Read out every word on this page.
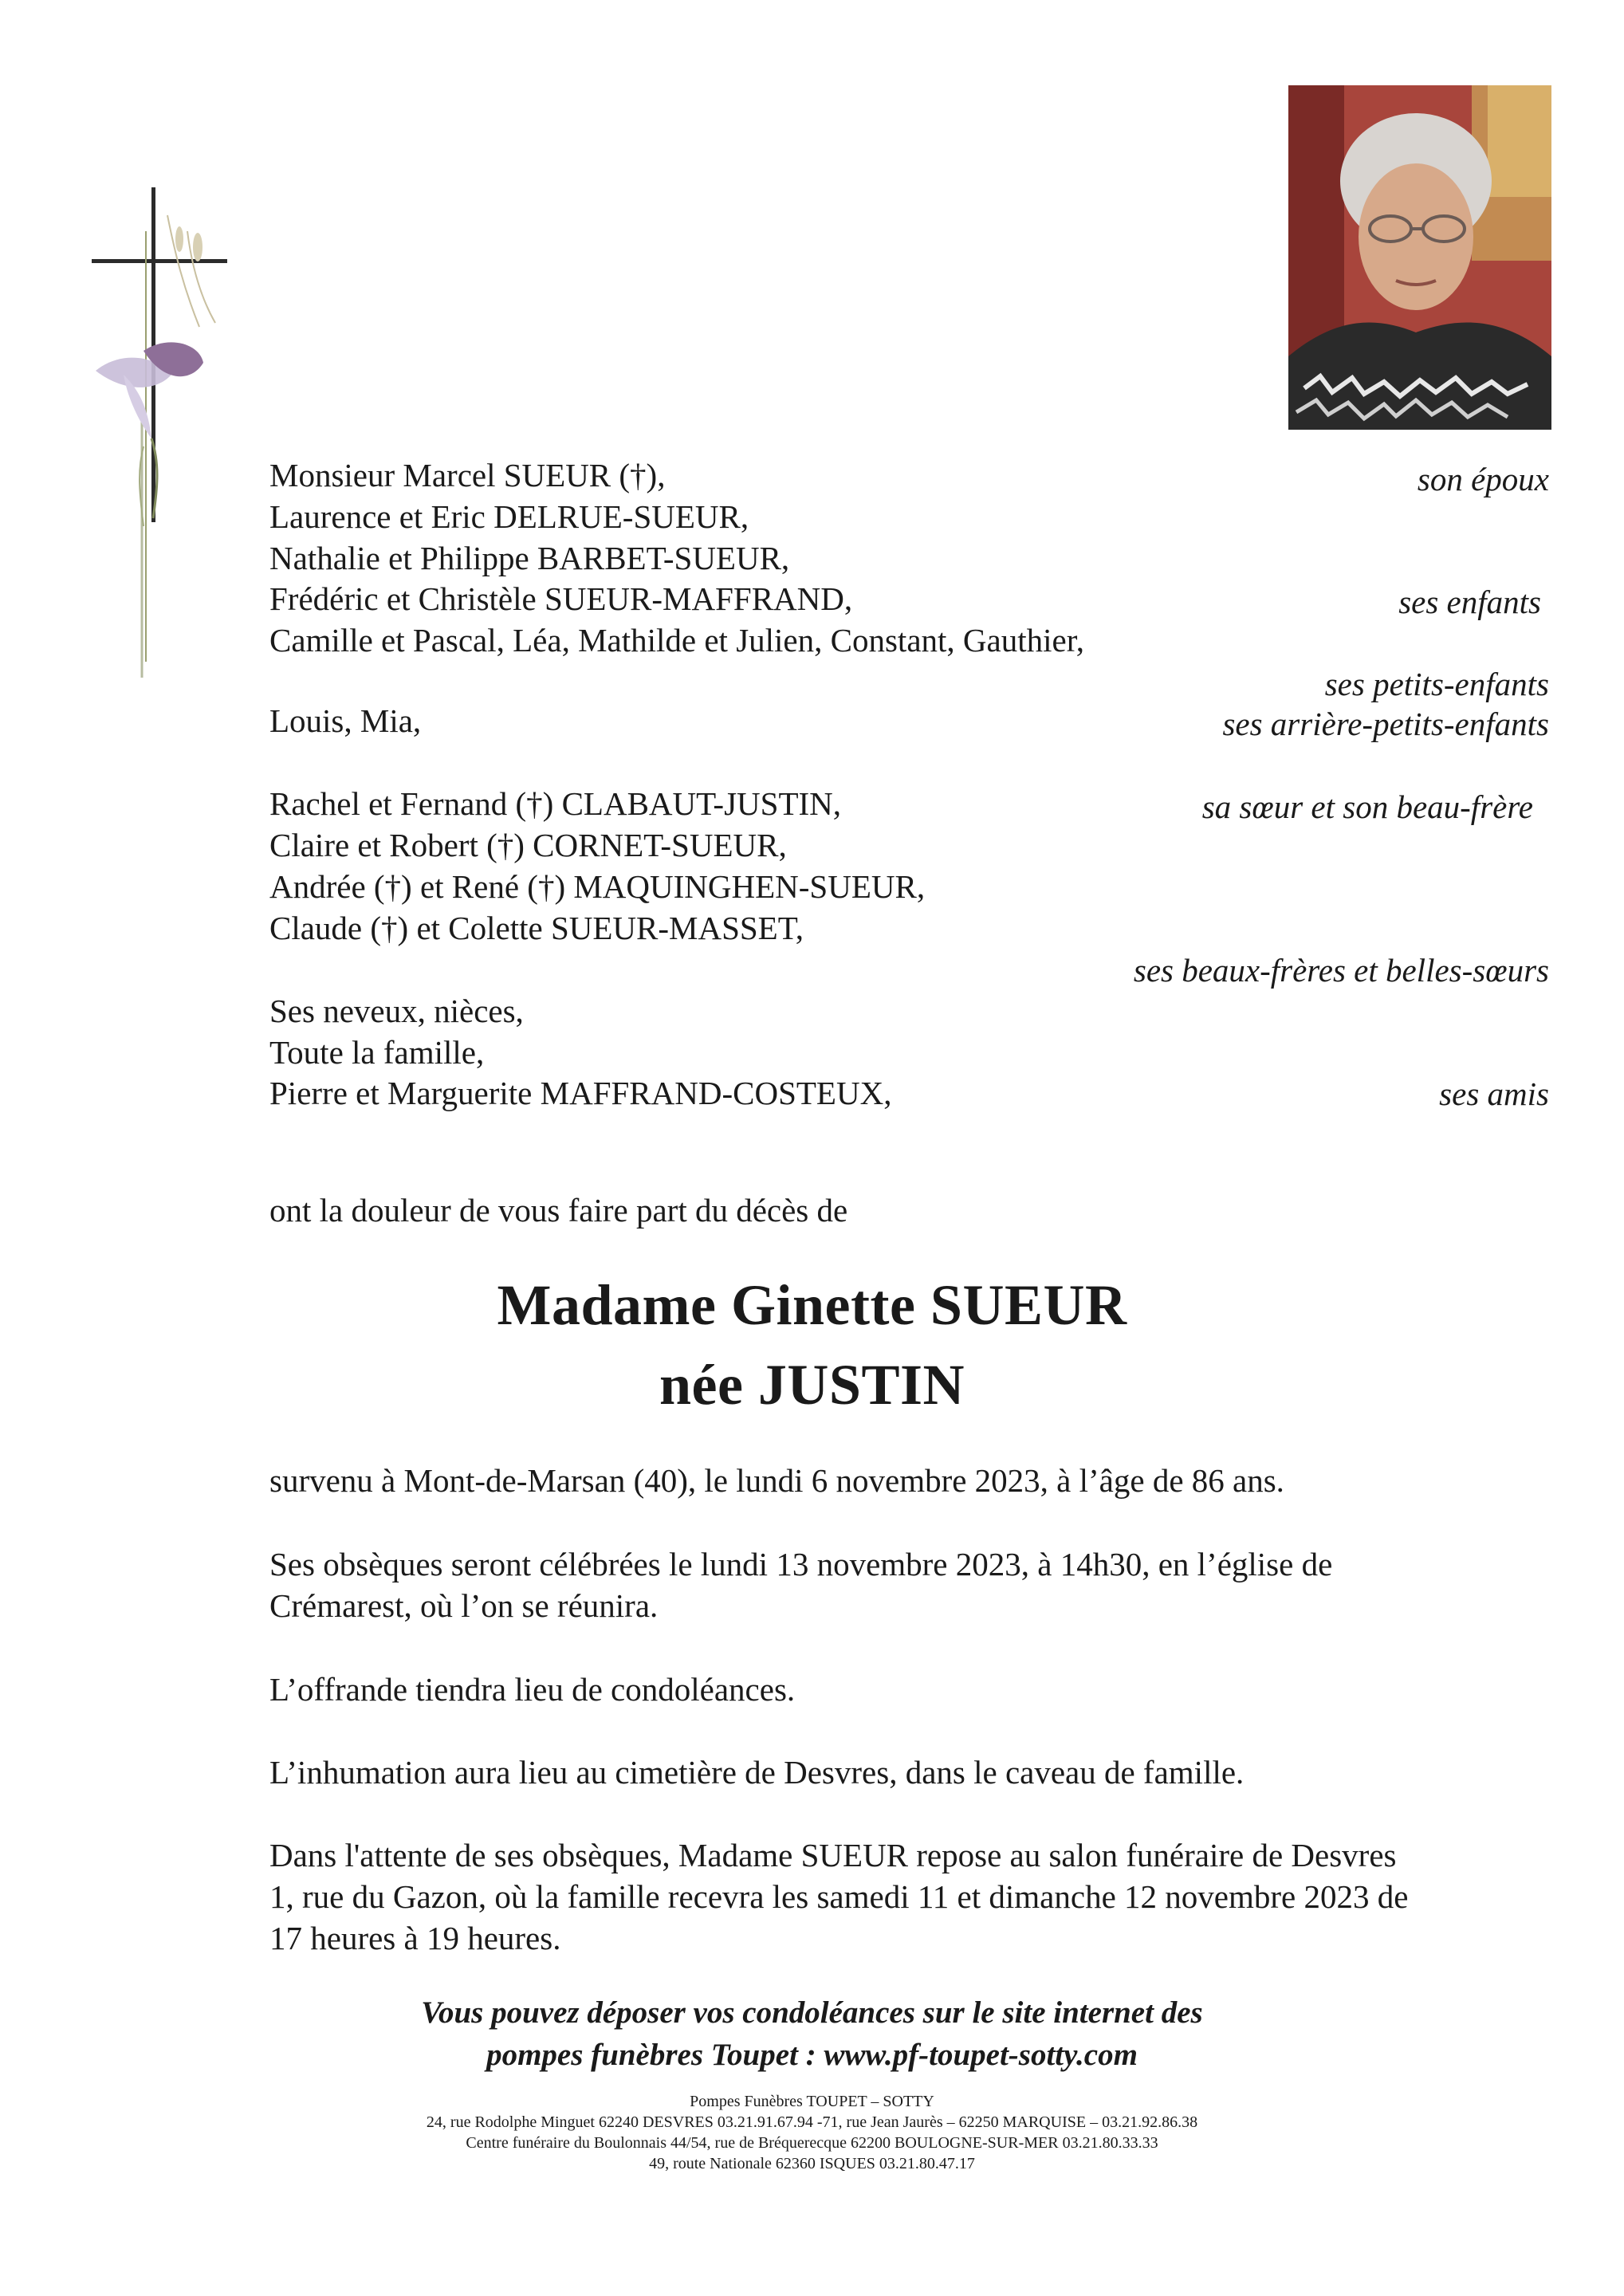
Monsieur Marcel SUEUR (†),
Laurence et Eric DELRUE-SUEUR,
Nathalie et Philippe BARBET-SUEUR,
Frédéric et Christèle SUEUR-MAFFRAND,
Camille et Pascal, Léa, Mathilde et Julien, Constant, Gauthier,
Louis, Mia,
Rachel et Fernand (†) CLABAUT-JUSTIN,
Claire et Robert (†) CORNET-SUEUR,
Andrée (†) et René (†) MAQUINGHEN-SUEUR,
Claude (†) et Colette SUEUR-MASSET,
Ses neveux, nièces,
Toute la famille,
Pierre et Marguerite MAFFRAND-COSTEUX,
son époux
ses enfants
ses petits-enfants
ses arrière-petits-enfants
sa sœur et son beau-frère
ses beaux-frères et belles-sœurs
ses amis
ont la douleur de vous faire part du décès de
Madame Ginette SUEUR
née JUSTIN
survenu à Mont-de-Marsan (40), le lundi 6 novembre 2023, à l’âge de 86 ans.
Ses obsèques seront célébrées le lundi 13 novembre 2023, à 14h30, en l’église de
Crémarest, où l’on se réunira.
L’offrande tiendra lieu de condoléances.
L’inhumation aura lieu au cimetière de Desvres, dans le caveau de famille.
Dans l'attente de ses obsèques, Madame SUEUR repose au salon funéraire de Desvres
1, rue du Gazon, où la famille recevra les samedi 11 et dimanche 12 novembre 2023 de
17 heures à 19 heures.
Vous pouvez déposer vos condoléances sur le site internet des
pompes funèbres Toupet : www.pf-toupet-sotty.com
Pompes Funèbres TOUPET – SOTTY
24, rue Rodolphe Minguet 62240 DESVRES 03.21.91.67.94 -71, rue Jean Jaurès – 62250 MARQUISE – 03.21.92.86.38
Centre funéraire du Boulonnais 44/54, rue de Bréquerecque 62200 BOULOGNE-SUR-MER 03.21.80.33.33
49, route Nationale 62360 ISQUES 03.21.80.47.17
